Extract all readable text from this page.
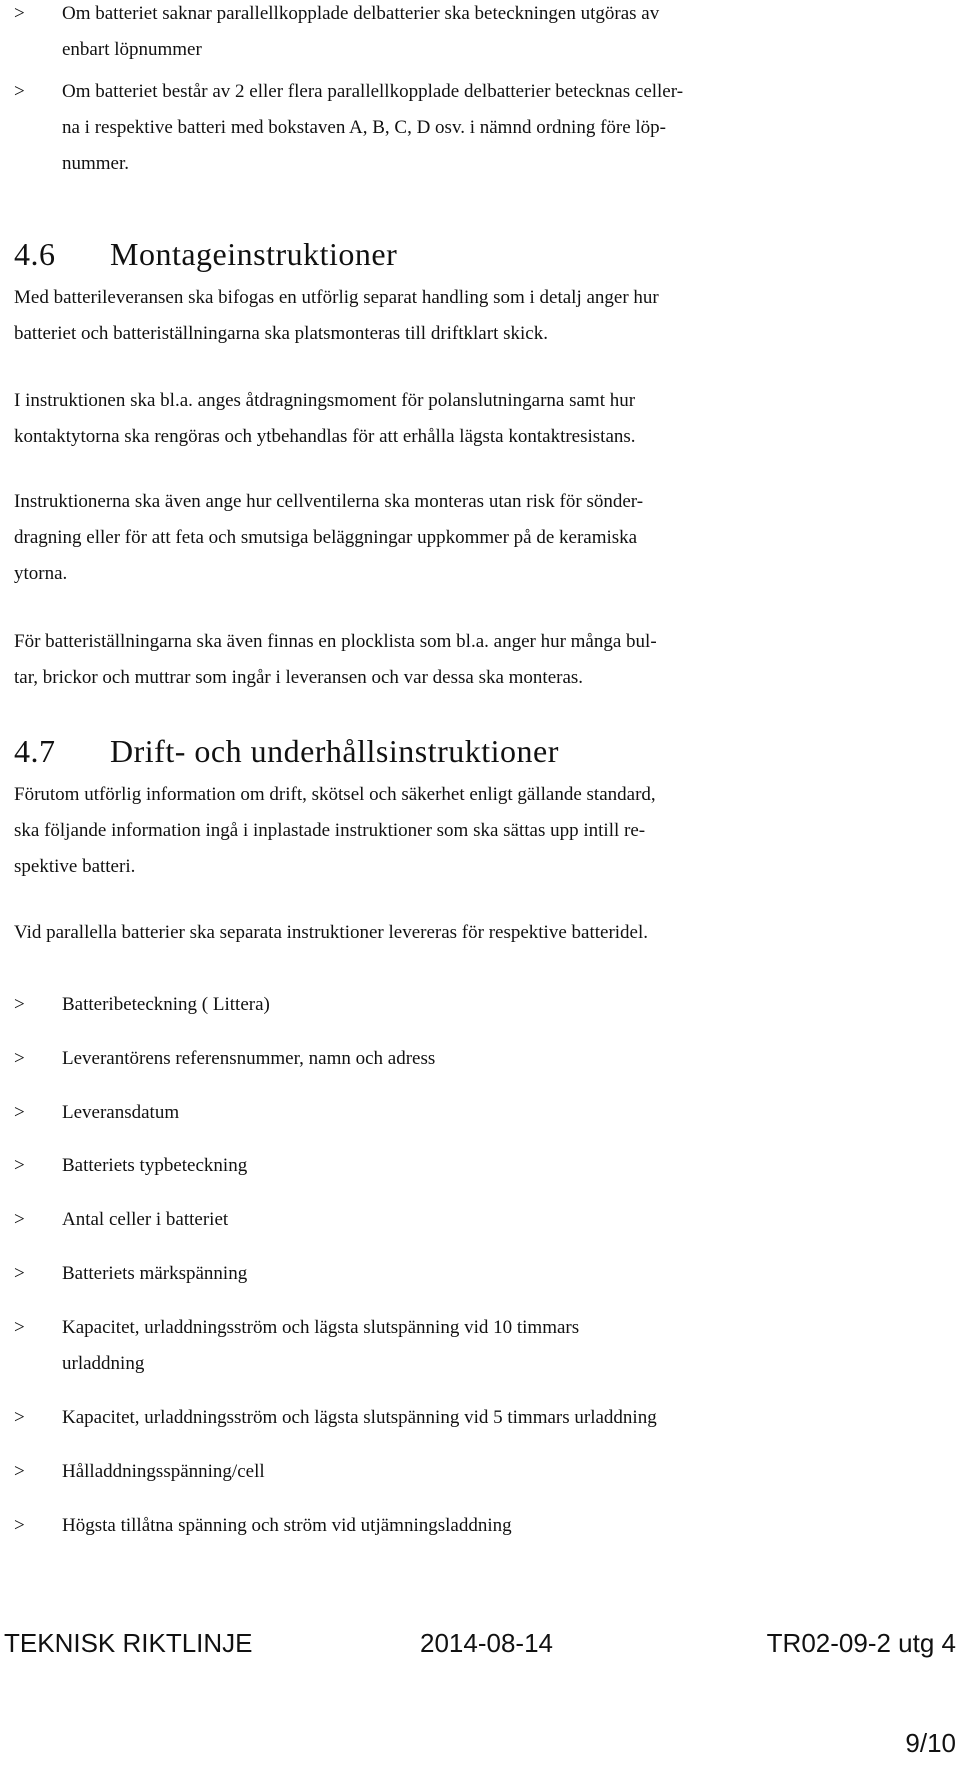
>	Om batteriet saknar parallellkopplade delbatterier ska beteckningen utgöras av
enbart löpnummer
>	Om batteriet består av 2 eller flera parallellkopplade delbatterier betecknas celler-
na i respektive batteri med bokstaven A, B, C, D osv. i nämnd ordning före löp-
nummer.
4.6 Montageinstruktioner
Med batterileveransen ska bifogas en utförlig separat handling som i detalj anger hur
batteriet och batteriställningarna ska platsmonteras till driftklart skick.
I instruktionen ska bl.a. anges åtdragningsmoment för polanslutningarna samt hur
kontaktytorna ska rengöras och ytbehandlas för att erhålla lägsta kontaktresistans.
Instruktionerna ska även ange hur cellventilerna ska monteras utan risk för sönder-
dragning eller för att feta och smutsiga beläggningar uppkommer på de keramiska
ytorna.
För batteriställningarna ska även finnas en plocklista som bl.a. anger hur många bul-
tar, brickor och muttrar som ingår i leveransen och var dessa ska monteras.
4.7 Drift- och underhållsinstruktioner
Förutom utförlig information om drift, skötsel och säkerhet enligt gällande standard,
ska följande information ingå i inplastade instruktioner som ska sättas upp intill re-
spektive batteri.
Vid parallella batterier ska separata instruktioner levereras för respektive batteridel.
>	Batteribeteckning ( Littera)
>	Leverantörens referensnummer, namn och adress
>	Leveransdatum
>	Batteriets typbeteckning
>	Antal celler i batteriet
>	Batteriets märkspänning
>	Kapacitet, urladdningsström och lägsta slutspänning vid 10 timmars
urladdning
>	Kapacitet, urladdningsström och lägsta slutspänning vid 5 timmars urladdning
>	Hålladdningsspänning/cell
>	Högsta tillåtna spänning och ström vid utjämningsladdning
TEKNISK RIKTLINJE	2014-08-14	TR02-09-2 utg 4
9/10
